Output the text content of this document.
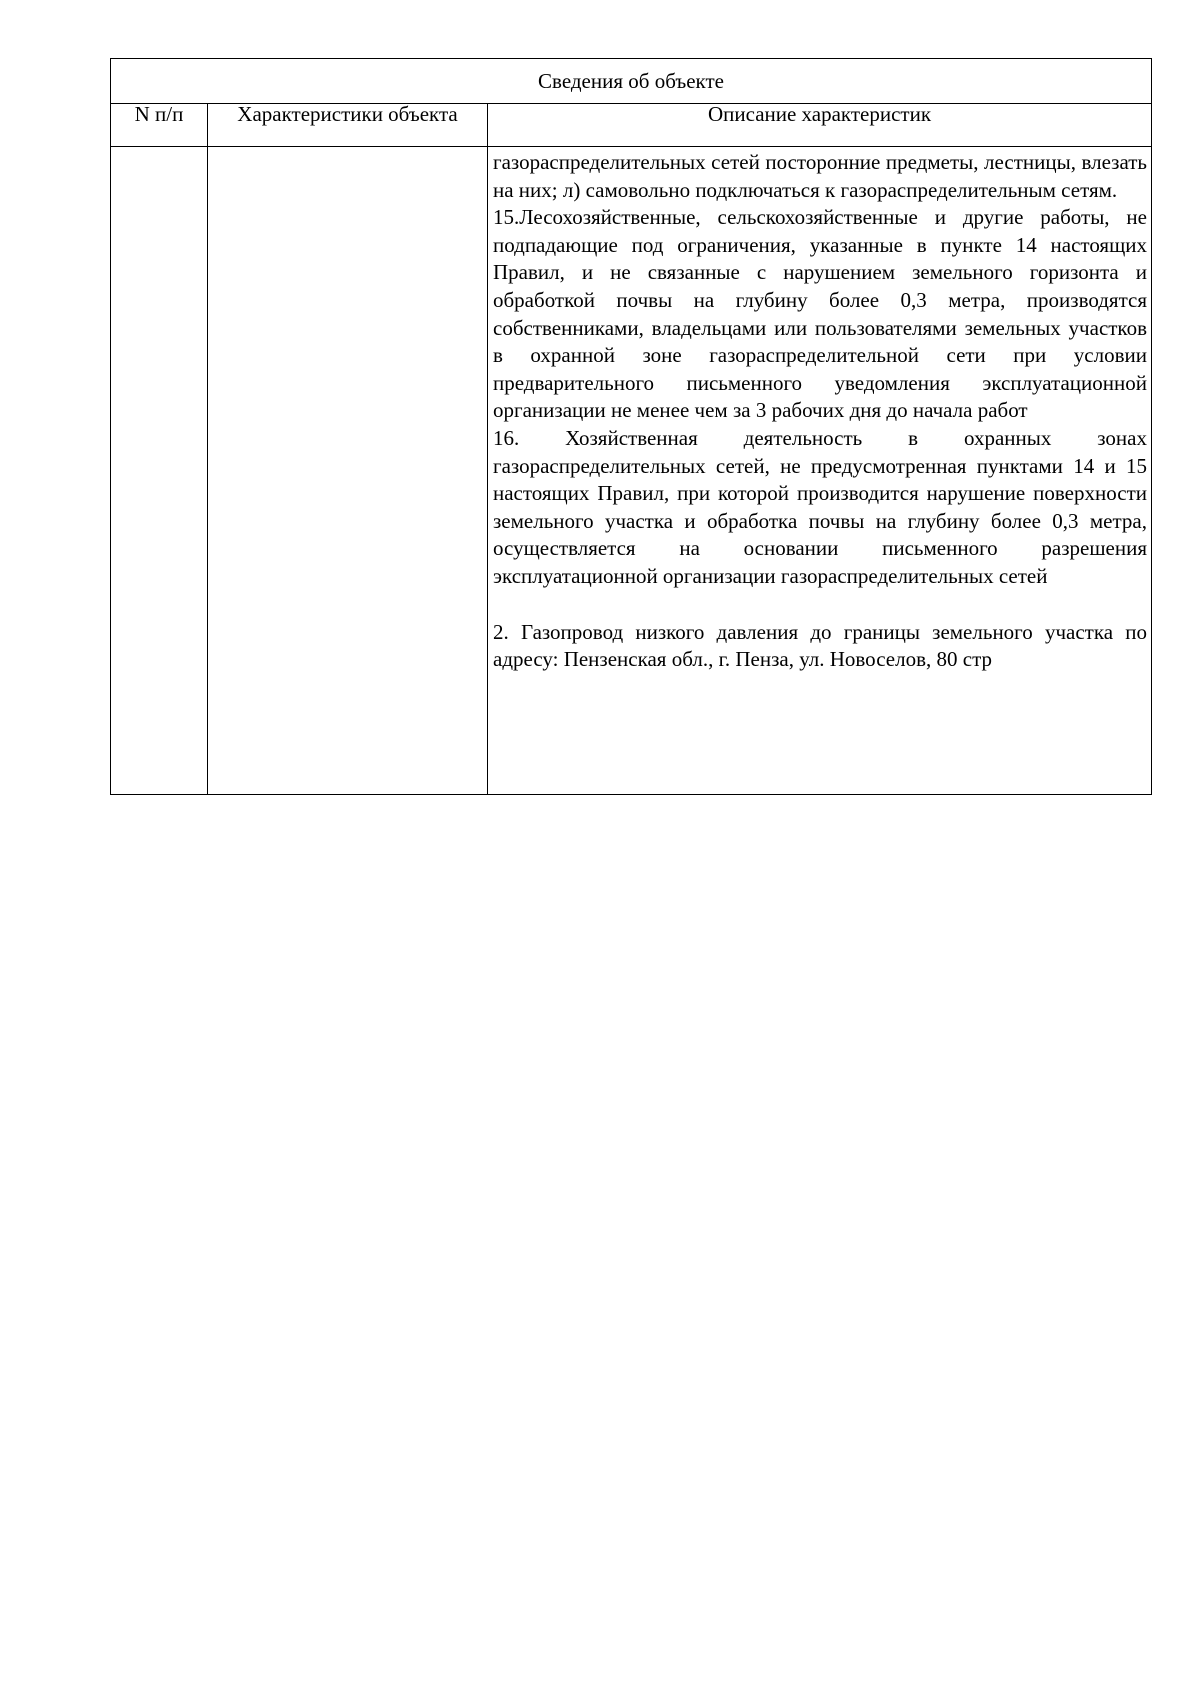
Сведения об объекте		
N п/п	Характеристики объекта	Описание характеристик

		газораспределительных сетей посторонние предметы, лестницы, влезать на них; л) самовольно подключаться к газораспределительным сетям.

15.Лесохозяйственные, сельскохозяйственные и другие работы, не подпадающие под ограничения, указанные в пункте 14 настоящих Правил, и не связанные с нарушением земельного горизонта и обработкой почвы на глубину более 0,3 метра, производятся собственниками, владельцами или пользователями земельных участков в охранной зоне газораспределительной сети при условии предварительного письменного уведомления эксплуатационной организации не менее чем за 3 рабочих дня до начала работ

16. Хозяйственная деятельность в охранных зонах газораспределительных сетей, не предусмотренная пунктами 14 и 15 настоящих Правил, при которой производится нарушение поверхности земельного участка и обработка почвы на глубину более 0,3 метра, осуществляется на основании письменного разрешения эксплуатационной организации газораспределительных сетей

2. Газопровод низкого давления до границы земельного участка по адресу: Пензенская обл., г. Пенза, ул. Новоселов, 80 стр
